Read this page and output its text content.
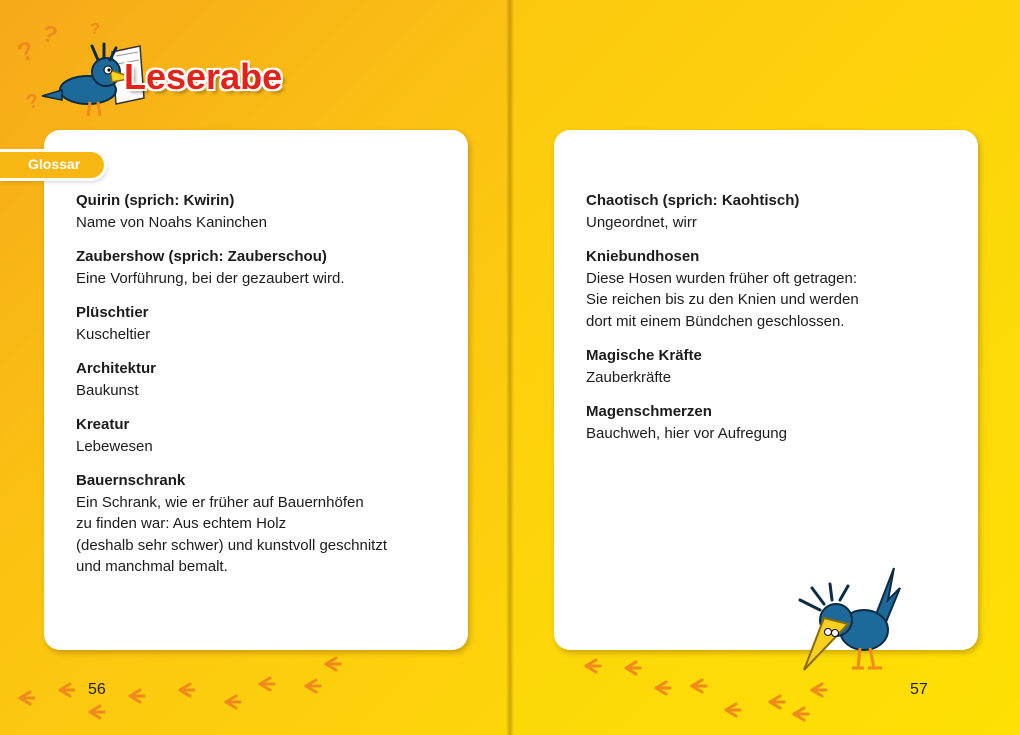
? ? ?
?
Leserabe
Quirin (sprich: Kwirin)
Name von Noahs Kaninchen
Zaubershow (sprich: Zauberschou)
Eine Vorführung, bei der gezaubert wird.
Plüschtier
Kuscheltier
Architektur
Baukunst
Kreatur
Lebewesen
Bauernschrank
Ein Schrank, wie er früher auf Bauernhöfen
zu finden war: Aus echtem Holz
(deshalb sehr schwer) und kunstvoll geschnitzt
und manchmal bemalt.
Glossar
56
Chaotisch (sprich: Kaohtisch)
Ungeordnet, wirr
Kniebundhosen
Diese Hosen wurden früher oft getragen:
Sie reichen bis zu den Knien und werden
dort mit einem Bündchen geschlossen.
Magische Kräfte
Zauberkräfte
Magenschmerzen
Bauchweh, hier vor Aufregung
57
